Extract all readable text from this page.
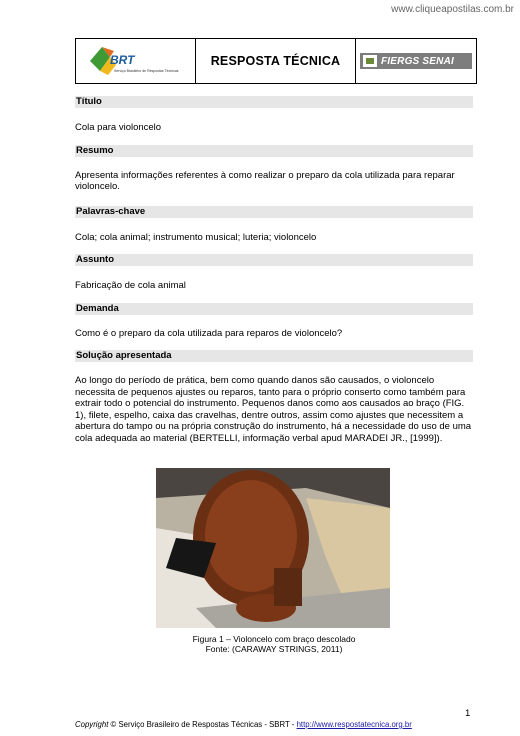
www.cliqueapostilas.com.br
BRT
Serviço Brasileiro de Respostas Técnicas
RESPOSTA TÉCNICA	FIERGS SENAI
Título
Cola para violoncelo
Resumo
Apresenta informações referentes à como realizar o preparo da cola utilizada para reparar violoncelo.
Palavras-chave
Cola; cola animal; instrumento musical; luteria; violoncelo
Assunto
Fabricação de cola animal
Demanda
Como é o preparo da cola utilizada para reparos de violoncelo?
Solução apresentada
Ao longo do período de prática, bem como quando danos são causados, o violoncelo necessita de pequenos ajustes ou reparos, tanto para o próprio conserto como também para extrair todo o potencial do instrumento. Pequenos danos como aos causados ao braço (FIG. 1), filete, espelho, caixa das cravelhas, dentre outros, assim como ajustes que necessitem a abertura do tampo ou na própria construção do instrumento, há a necessidade do uso de uma cola adequada ao material (BERTELLI, informação verbal apud MARADEI JR., [1999]).
Figura 1 – Violoncelo com braço descolado
Fonte: (CARAWAY STRINGS, 2011)
1
Copyright © Serviço Brasileiro de Respostas Técnicas - SBRT - http://www.respostatecnica.org.br
